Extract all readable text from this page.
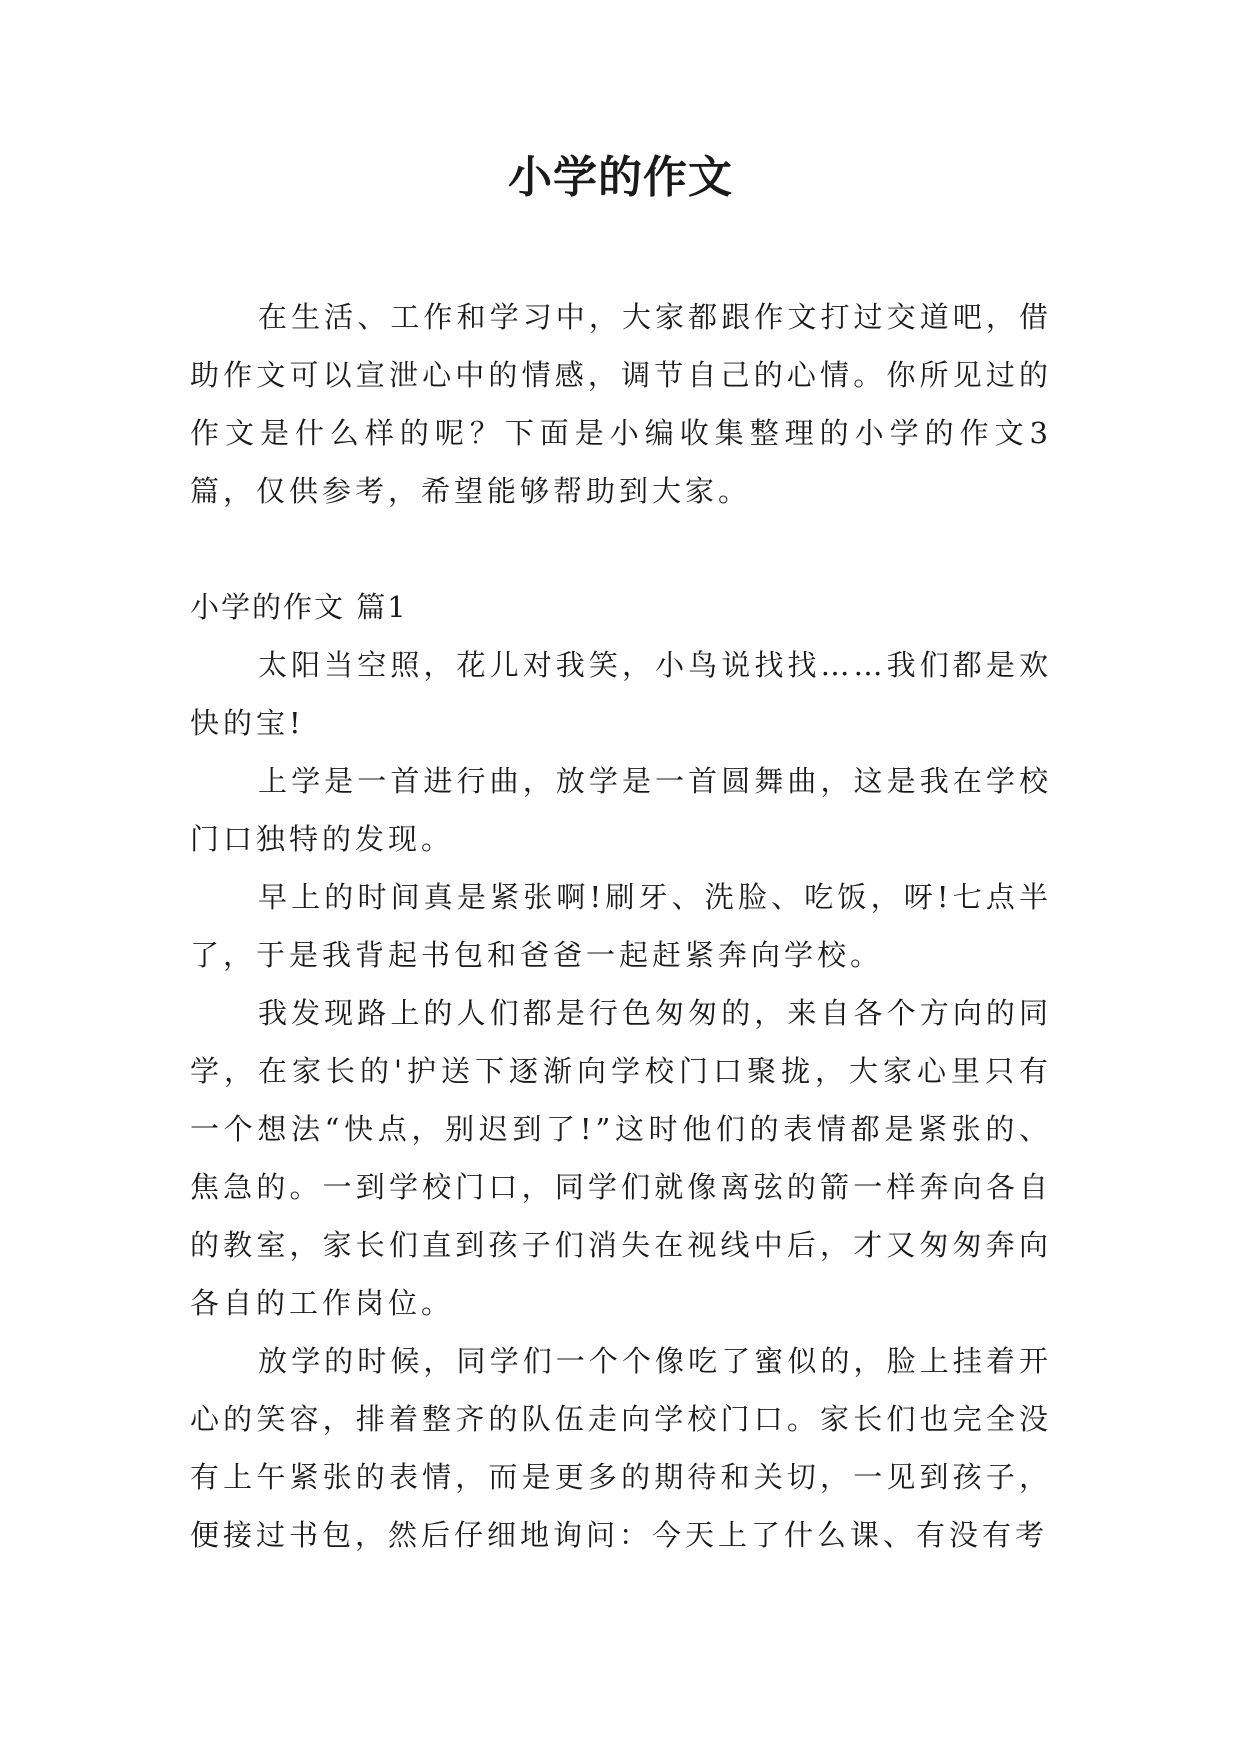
小学的作文

在生活、工作和学习中，大家都跟作文打过交道吧，借助作文可以宣泄心中的情感，调节自己的心情。你所见过的作文是什么样的呢？下面是小编收集整理的小学的作文3篇，仅供参考，希望能够帮助到大家。

小学的作文 篇1

太阳当空照，花儿对我笑，小鸟说找找……我们都是欢快的宝!

上学是一首进行曲，放学是一首圆舞曲，这是我在学校门口独特的发现。

早上的时间真是紧张啊!刷牙、洗脸、吃饭，呀!七点半了，于是我背起书包和爸爸一起赶紧奔向学校。

我发现路上的人们都是行色匆匆的，来自各个方向的同学，在家长的'护送下逐渐向学校门口聚拢，大家心里只有一个想法“快点，别迟到了!”这时他们的表情都是紧张的、焦急的。一到学校门口，同学们就像离弦的箭一样奔向各自的教室，家长们直到孩子们消失在视线中后，才又匆匆奔向各自的工作岗位。

放学的时候，同学们一个个像吃了蜜似的，脸上挂着开心的笑容，排着整齐的队伍走向学校门口。家长们也完全没有上午紧张的表情，而是更多的期待和关切，一见到孩子，便接过书包，然后仔细地询问：今天上了什么课、有没有考
